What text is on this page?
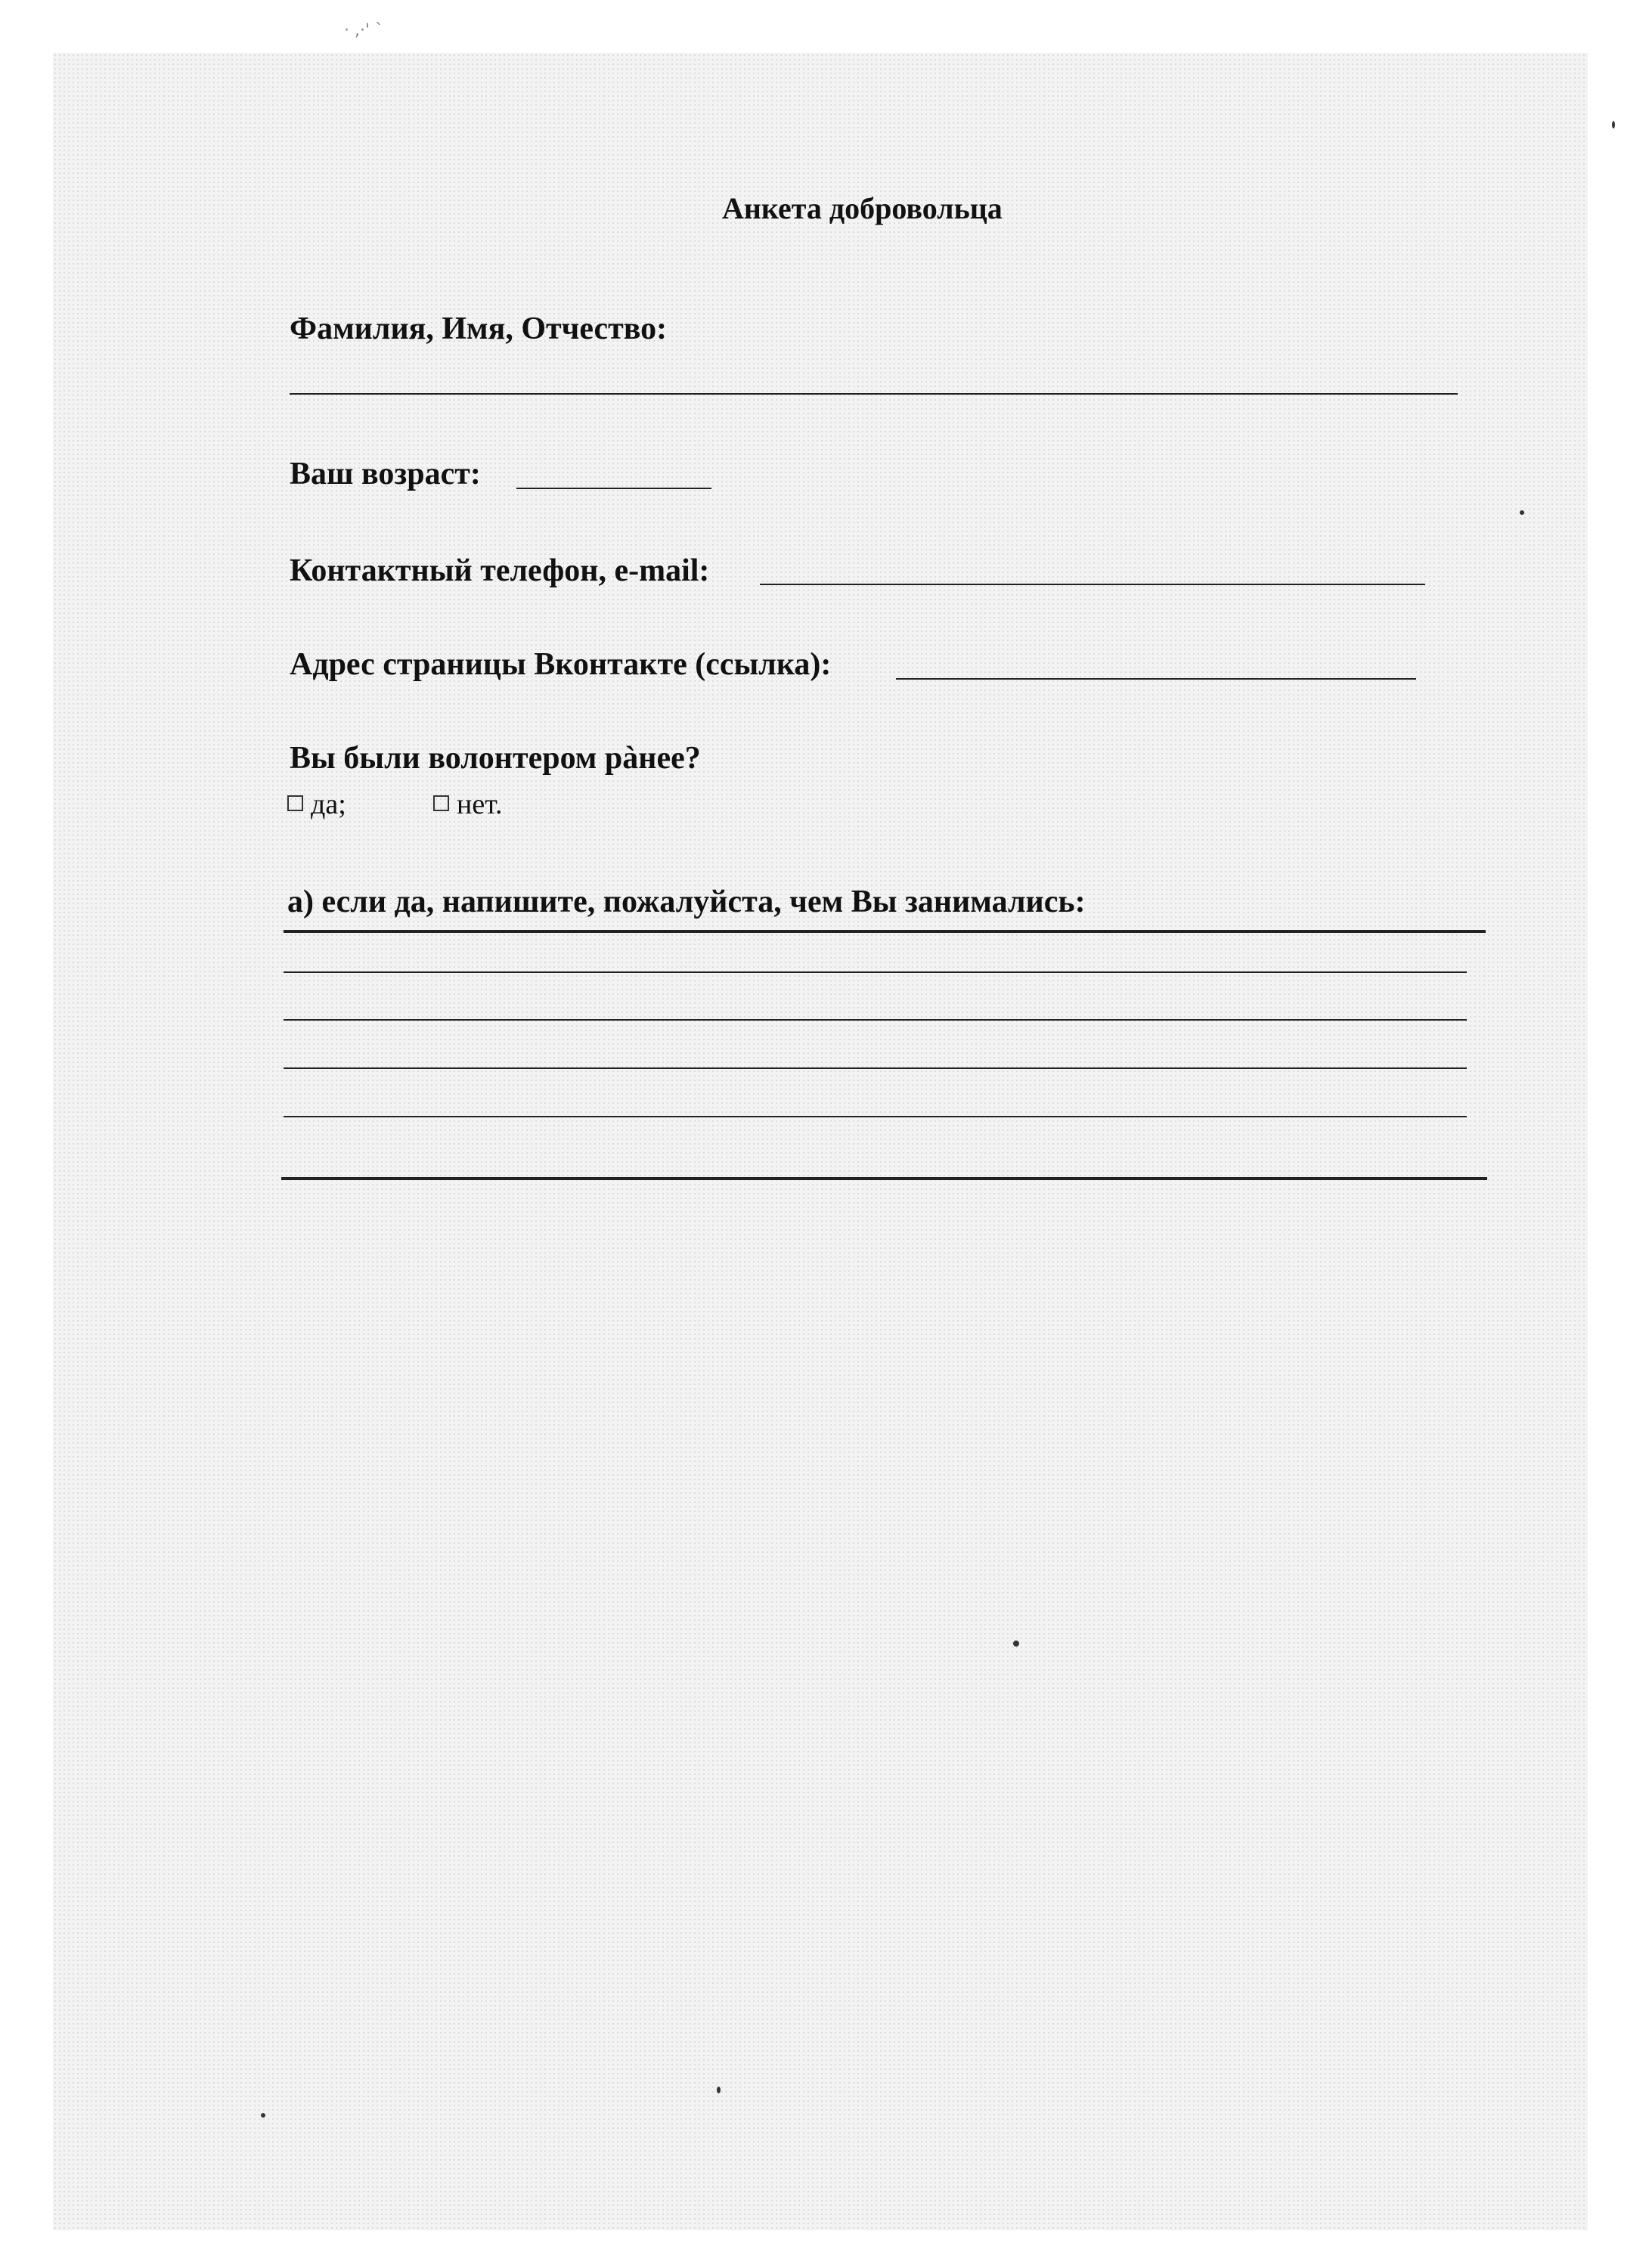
· ,·' ˋ
Анкета добровольца
Фамилия, Имя, Отчество:
Ваш возраст:
Контактный телефон, e-mail:
Адрес страницы Вконтакте (ссылка):
Вы были волонтером рàнее?
да;	нет.
а) если да, напишите, пожалуйста, чем Вы занимались:
